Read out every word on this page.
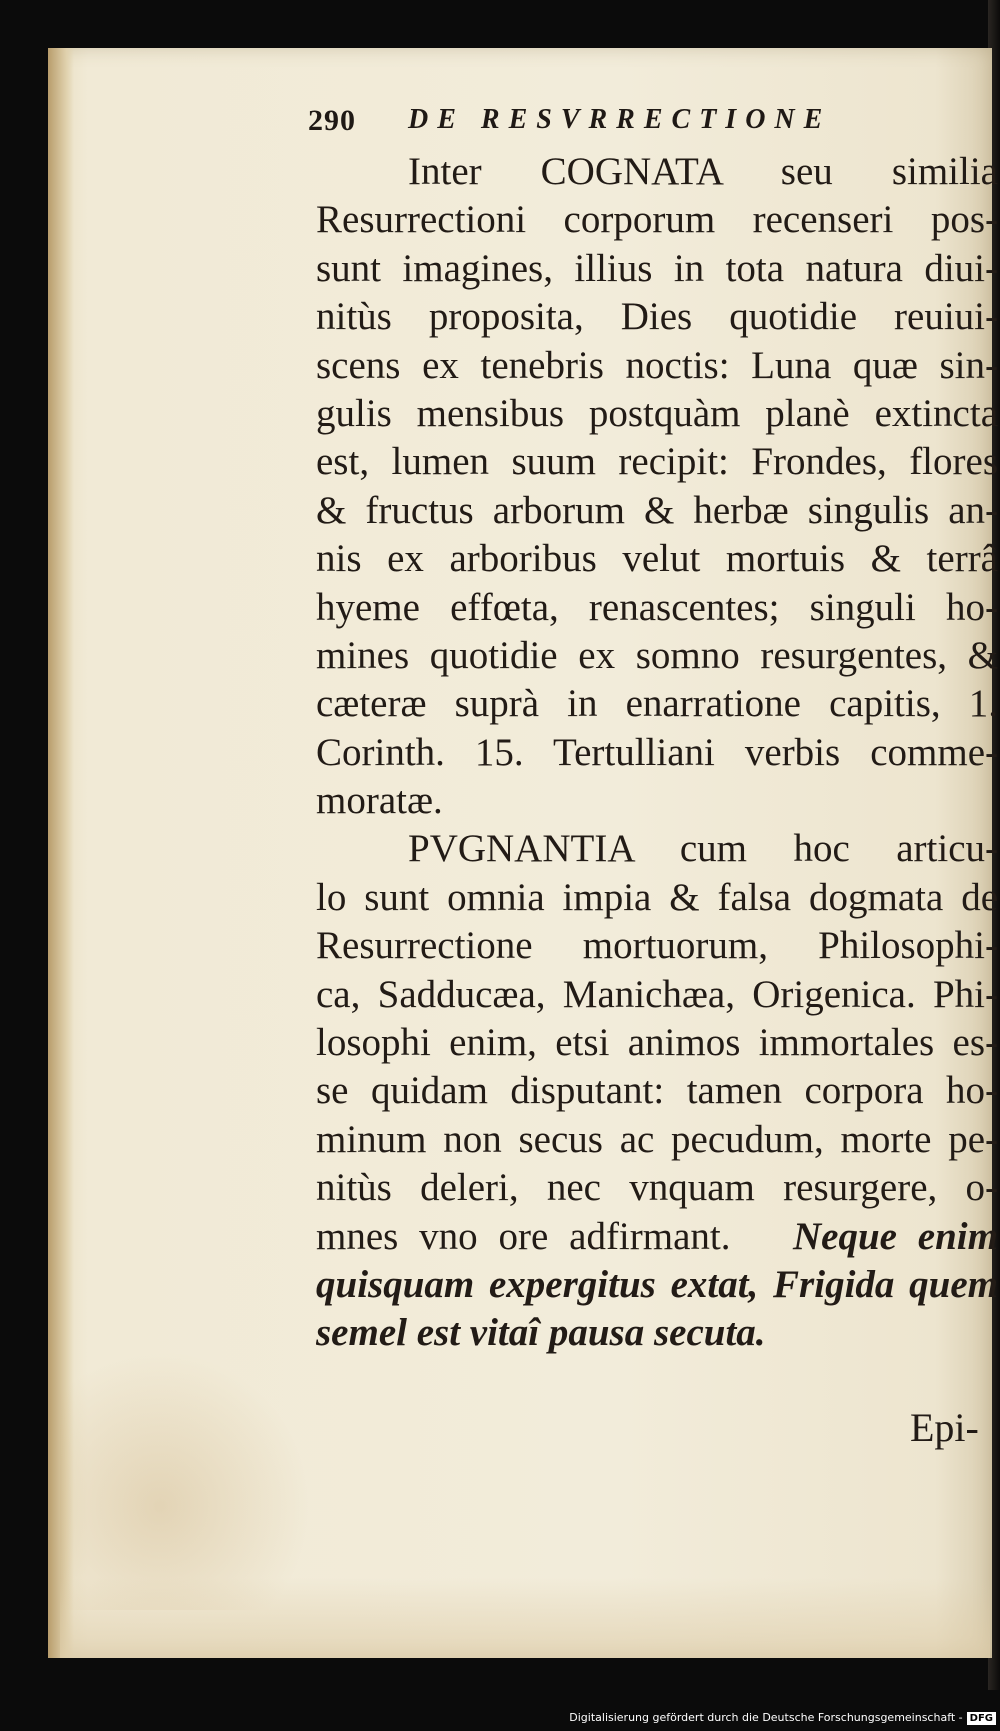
290 DE RESVRRECTIONE
Inter COGNATA seu similia
Resurrectioni corporum recenseri pos-
sunt imagines, illius in tota natura diui-
nitùs proposita, Dies quotidie reuiui-
scens ex tenebris noctis: Luna quæ sin-
gulis mensibus postquàm planè extincta
est, lumen suum recipit: Frondes, flores
& fructus arborum & herbæ singulis an-
nis ex arboribus velut mortuis & terrâ
hyeme effœta, renascentes; singuli ho-
mines quotidie ex somno resurgentes, &
cæteræ suprà in enarratione capitis, 1.
Corinth. 15. Tertulliani verbis comme-
moratæ.
PVGNANTIA cum hoc articu-
lo sunt omnia impia & falsa dogmata de
Resurrectione mortuorum, Philosophi-
ca, Sadducæa, Manichæa, Origenica. Phi-
losophi enim, etsi animos immortales es-
se quidam disputant: tamen corpora ho-
minum non secus ac pecudum, morte pe-
nitùs deleri, nec vnquam resurgere, o-
mnes vno ore adfirmant. Neque enim
quisquam expergitus extat, Frigida quem
semel est vitaî pausa secuta.
Epi-
Digitalisierung gefördert durch die Deutsche Forschungsgemeinschaft - DFG
